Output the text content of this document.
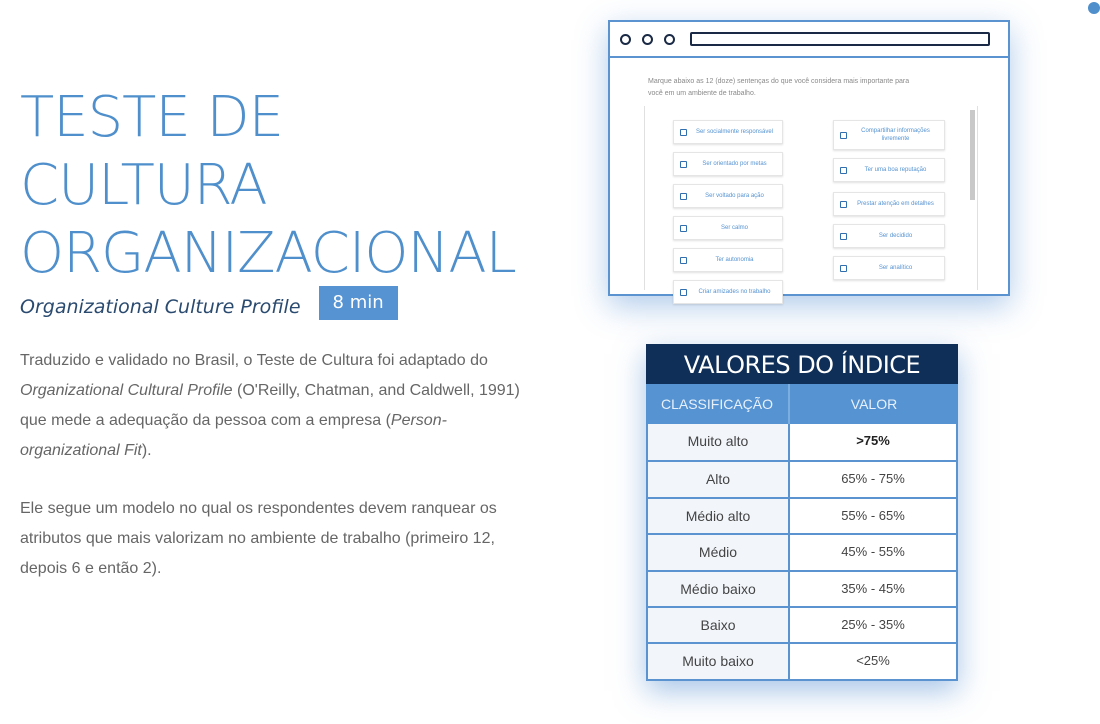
TESTE DE
CULTURA
ORGANIZACIONAL
Organizational Culture Profile	8 min

Traduzido e validado no Brasil, o Teste de Cultura foi adaptado do Organizational Cultural Profile (O'Reilly, Chatman, and Caldwell, 1991) que mede a adequação da pessoa com a empresa (Person-organizational Fit).

Ele segue um modelo no qual os respondentes devem ranquear os atributos que mais valorizam no ambiente de trabalho (primeiro 12, depois 6 e então 2).

Marque abaixo as 12 (doze) sentenças do que você considera mais importante para você em um ambiente de trabalho.
Ser socialmente responsável
Ser orientado por metas
Ser voltado para ação
Ser calmo
Ter autonomia
Criar amizades no trabalho
Compartilhar informações livremente
Ter uma boa reputação
Prestar atenção em detalhes
Ser decidido
Ser analítico
VALORES DO ÍNDICE
CLASSIFICAÇÃO	VALOR
Muito alto	>75%
Alto	65% - 75%
Médio alto	55% - 65%
Médio	45% - 55%
Médio baixo	35% - 45%
Baixo	25% - 35%
Muito baixo	<25%
